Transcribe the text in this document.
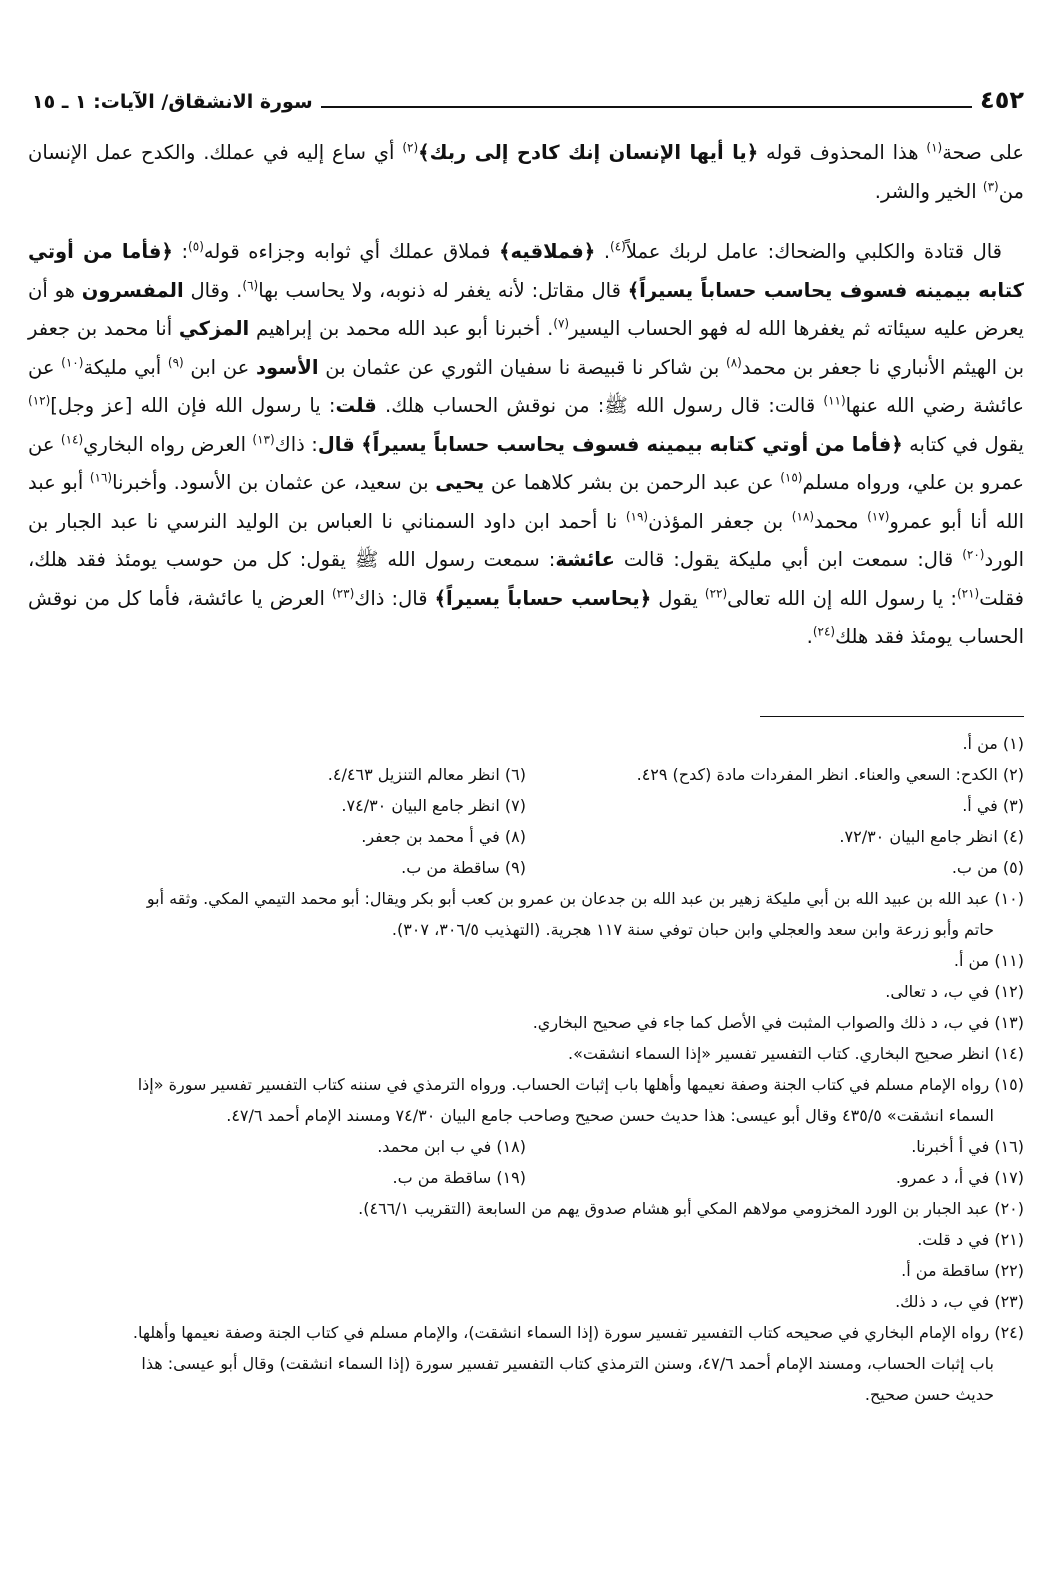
٤٥٢
سورة الانشقاق/ الآيات: ١ ـ ١٥

على صحة$^{(١)}$ هذا المحذوف قوله ﴿يا أيها الإنسان إنك كادح إلى ربك﴾$^{(٢)}$ أي ساع إليه في عملك. والكدح عمل الإنسان من$^{(٣)}$ الخير والشر.

قال قتادة والكلبي والضحاك: عامل لربك عملاً$^{(٤)}$. ﴿فملاقيه﴾ فملاق عملك أي ثوابه وجزاءه قوله$^{(٥)}$: ﴿فأما من أوتي كتابه بيمينه فسوف يحاسب حساباً يسيراً﴾ قال مقاتل: لأنه يغفر له ذنوبه، ولا يحاسب بها$^{(٦)}$. وقال المفسرون هو أن يعرض عليه سيئاته ثم يغفرها الله له فهو الحساب اليسير$^{(٧)}$. أخبرنا أبو عبد الله محمد بن إبراهيم المزكي أنا محمد بن جعفر بن الهيثم الأنباري نا جعفر بن محمد$^{(٨)}$ بن شاكر نا قبيصة نا سفيان الثوري عن عثمان بن الأسود عن ابن $^{(٩)}$ أبي مليكة$^{(١٠)}$ عن عائشة رضي الله عنها$^{(١١)}$ قالت: قال رسول الله ﷺ: من نوقش الحساب هلك. قلت: يا رسول الله فإن الله [عز وجل]$^{(١٢)}$ يقول في كتابه ﴿فأما من أوتي كتابه بيمينه فسوف يحاسب حساباً يسيراً﴾ قال: ذاك$^{(١٣)}$ العرض رواه البخاري$^{(١٤)}$ عن عمرو بن علي، ورواه مسلم$^{(١٥)}$ عن عبد الرحمن بن بشر كلاهما عن يحيى بن سعيد، عن عثمان بن الأسود. وأخبرنا$^{(١٦)}$ أبو عبد الله أنا أبو عمرو$^{(١٧)}$ محمد$^{(١٨)}$ بن جعفر المؤذن$^{(١٩)}$ نا أحمد ابن داود السمناني نا العباس بن الوليد النرسي نا عبد الجبار بن الورد$^{(٢٠)}$ قال: سمعت ابن أبي مليكة يقول: قالت عائشة: سمعت رسول الله ﷺ يقول: كل من حوسب يومئذ فقد هلك، فقلت$^{(٢١)}$: يا رسول الله إن الله تعالى$^{(٢٢)}$ يقول ﴿يحاسب حساباً يسيراً﴾ قال: ذاك$^{(٢٣)}$ العرض يا عائشة، فأما كل من نوقش الحساب يومئذ فقد هلك$^{(٢٤)}$.

(١) من أ.
(٢) الكدح: السعي والعناء. انظر المفردات مادة (كدح) ٤٢٩.
(٦) انظر معالم التنزيل ٤/٤٦٣.
(٣) في أ.
(٧) انظر جامع البيان ٧٤/٣٠.
(٤) انظر جامع البيان ٧٢/٣٠.
(٨) في أ محمد بن جعفر.
(٥) من ب.
(٩) ساقطة من ب.
(١٠) عبد الله بن عبيد الله بن أبي مليكة زهير بن عبد الله بن جدعان بن عمرو بن كعب أبو بكر ويقال: أبو محمد التيمي المكي. وثقه أبو
حاتم وأبو زرعة وابن سعد والعجلي وابن حبان توفي سنة ١١٧ هجرية. (التهذيب ٣٠٦/٥، ٣٠٧).
(١١) من أ.
(١٢) في ب، د تعالى.
(١٣) في ب، د ذلك والصواب المثبت في الأصل كما جاء في صحيح البخاري.
(١٤) انظر صحيح البخاري. كتاب التفسير تفسير «إذا السماء انشقت».
(١٥) رواه الإمام مسلم في كتاب الجنة وصفة نعيمها وأهلها باب إثبات الحساب. ورواه الترمذي في سننه كتاب التفسير تفسير سورة «إذا
السماء انشقت» ٤٣٥/٥ وقال أبو عيسى: هذا حديث حسن صحيح وصاحب جامع البيان ٧٤/٣٠ ومسند الإمام أحمد ٤٧/٦.
(١٦) في أ أخبرنا.
(١٨) في ب ابن محمد.
(١٧) في أ، د عمرو.
(١٩) ساقطة من ب.
(٢٠) عبد الجبار بن الورد المخزومي مولاهم المكي أبو هشام صدوق يهم من السابعة (التقريب ٤٦٦/١).
(٢١) في د قلت.
(٢٢) ساقطة من أ.
(٢٣) في ب، د ذلك.
(٢٤) رواه الإمام البخاري في صحيحه كتاب التفسير تفسير سورة (إذا السماء انشقت)، والإمام مسلم في كتاب الجنة وصفة نعيمها وأهلها.
باب إثبات الحساب، ومسند الإمام أحمد ٤٧/٦، وسنن الترمذي كتاب التفسير تفسير سورة (إذا السماء انشقت) وقال أبو عيسى: هذا
حديث حسن صحيح.
